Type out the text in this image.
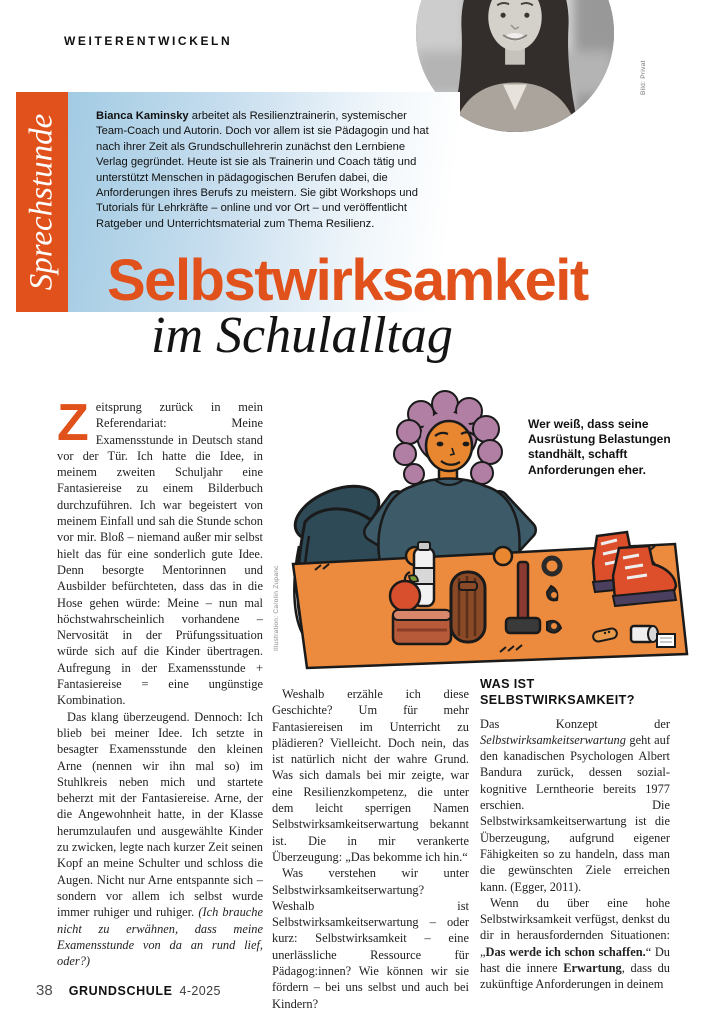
WEITERENTWICKELN
Bild: Privat
Sprechstunde	Bianca Kaminsky arbeitet als Resilienztrainerin, systemischer Team-Coach und Autorin. Doch vor allem ist sie Pädagogin und hat nach ihrer Zeit als Grundschullehrerin zunächst den Lernbiene Verlag gegründet. Heute ist sie als Trainerin und Coach tätig und unterstützt Menschen in pädagogischen Berufen dabei, die Anforderungen ihres Berufs zu meistern. Sie gibt Workshops und Tutorials für Lehrkräfte – online und vor Ort – und veröffentlicht Ratgeber und Unterrichtsmaterial zum Thema Resilienz.

Selbstwirksamkeit
im Schulalltag
Illustration: Carolin Zupanc
Wer weiß, dass seine Ausrüstung Belastungen standhält, schafft Anforderungen eher.

Zeitsprung zurück in mein Referendariat: Meine Examensstunde in Deutsch stand vor der Tür. Ich hatte die Idee, in meinem zweiten Schuljahr eine Fantasiereise zu einem Bilderbuch durchzuführen. Ich war begeistert von meinem Einfall und sah die Stunde schon vor mir. Bloß – niemand außer mir selbst hielt das für eine sonderlich gute Idee. Denn besorgte Mentorinnen und Ausbilder befürchteten, dass das in die Hose gehen würde: Meine – nun mal höchstwahrscheinlich vorhandene – Nervosität in der Prüfungssituation würde sich auf die Kinder übertragen. Aufregung in der Examensstunde + Fantasiereise = eine ungünstige Kombination.

Das klang überzeugend. Dennoch: Ich blieb bei meiner Idee. Ich setzte in besagter Examensstunde den kleinen Arne (nennen wir ihn mal so) im Stuhlkreis neben mich und startete beherzt mit der Fantasiereise. Arne, der die Angewohnheit hatte, in der Klasse herumzulaufen und ausgewählte Kinder zu zwicken, legte nach kurzer Zeit seinen Kopf an meine Schulter und schloss die Augen. Nicht nur Arne entspannte sich – sondern vor allem ich selbst wurde immer ruhiger und ruhiger. (Ich brauche nicht zu erwähnen, dass meine Examensstunde von da an rund lief, oder?)

Weshalb erzähle ich diese Geschichte? Um für mehr Fantasiereisen im Unterricht zu plädieren? Vielleicht. Doch nein, das ist natürlich nicht der wahre Grund. Was sich damals bei mir zeigte, war eine Resilienzkompetenz, die unter dem leicht sperrigen Namen Selbstwirksamkeitserwartung bekannt ist. Die in mir verankerte Überzeugung: „Das bekomme ich hin.“

Was verstehen wir unter Selbstwirksamkeitserwartung? Weshalb ist Selbstwirksamkeitserwartung – oder kurz: Selbstwirksamkeit – eine unerlässliche Ressource für Pädagog:innen? Wie können wir sie fördern – bei uns selbst und auch bei Kindern?

WAS IST SELBSTWIRKSAMKEIT?

Das Konzept der Selbstwirksamkeitserwartung geht auf den kanadischen Psychologen Albert Bandura zurück, dessen sozial-kognitive Lerntheorie bereits 1977 erschien. Die Selbstwirksamkeitserwartung ist die Überzeugung, aufgrund eigener Fähigkeiten so zu handeln, dass man die gewünschten Ziele erreichen kann. (Egger, 2011).

Wenn du über eine hohe Selbstwirksamkeit verfügst, denkst du dir in herausfordernden Situationen: „Das werde ich schon schaffen.“ Du hast die innere Erwartung, dass du zukünftige Anforderungen in deinem

38 GRUNDSCHULE 4-2025
